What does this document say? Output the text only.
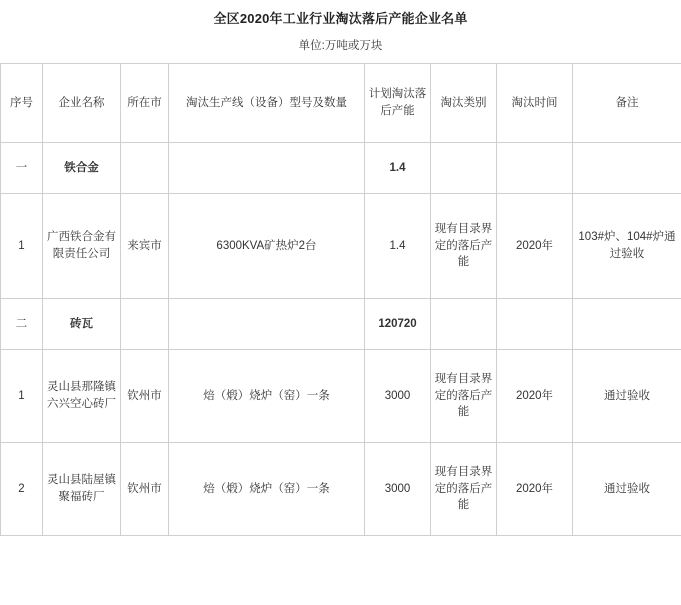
全区2020年工业行业淘汰落后产能企业名单
单位:万吨或万块
序号	企业名称	所在市	淘汰生产线（设备）型号及数量	计划淘汰落后产能	淘汰类别	淘汰时间	备注
一	铁合金			1.4			
1	广西铁合金有限责任公司	来宾市	6300KVA矿热炉2台	1.4	现有目录界定的落后产能	2020年	103#炉、104#炉通过验收
二	砖瓦			120720			
1	灵山县那隆镇六兴空心砖厂	钦州市	焙（煅）烧炉（窑）一条	3000	现有目录界定的落后产能	2020年	通过验收
2	灵山县陆屋镇聚福砖厂	钦州市	焙（煅）烧炉（窑）一条	3000	现有目录界定的落后产能	2020年	通过验收
